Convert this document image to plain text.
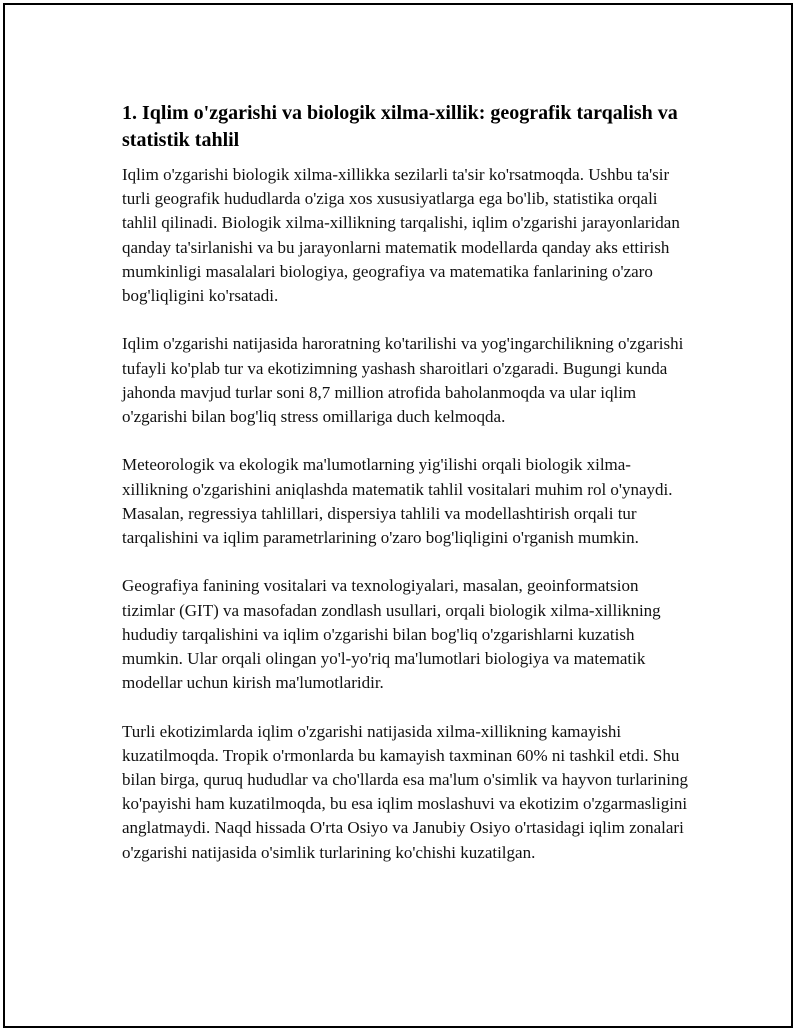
1. Iqlim o'zgarishi va biologik xilma-xillik: geografik tarqalish va statistik tahlil

Iqlim o'zgarishi biologik xilma-xillikka sezilarli ta'sir ko'rsatmoqda. Ushbu ta'sir turli geografik hududlarda o'ziga xos xususiyatlarga ega bo'lib, statistika orqali tahlil qilinadi. Biologik xilma-xillikning tarqalishi, iqlim o'zgarishi jarayonlaridan qanday ta'sirlanishi va bu jarayonlarni matematik modellarda qanday aks ettirish mumkinligi masalalari biologiya, geografiya va matematika fanlarining o'zaro bog'liqligini ko'rsatadi.

Iqlim o'zgarishi natijasida haroratning ko'tarilishi va yog'ingarchilikning o'zgarishi tufayli ko'plab tur va ekotizimning yashash sharoitlari o'zgaradi. Bugungi kunda jahonda mavjud turlar soni 8,7 million atrofida baholanmoqda va ular iqlim o'zgarishi bilan bog'liq stress omillariga duch kelmoqda.

Meteorologik va ekologik ma'lumotlarning yig'ilishi orqali biologik xilma-xillikning o'zgarishini aniqlashda matematik tahlil vositalari muhim rol o'ynaydi. Masalan, regressiya tahlillari, dispersiya tahlili va modellashtirish orqali tur tarqalishini va iqlim parametrlarining o'zaro bog'liqligini o'rganish mumkin.

Geografiya fanining vositalari va texnologiyalari, masalan, geoinformatsion tizimlar (GIT) va masofadan zondlash usullari, orqali biologik xilma-xillikning hududiy tarqalishini va iqlim o'zgarishi bilan bog'liq o'zgarishlarni kuzatish mumkin. Ular orqali olingan yo'l-yo'riq ma'lumotlari biologiya va matematik modellar uchun kirish ma'lumotlaridir.

Turli ekotizimlarda iqlim o'zgarishi natijasida xilma-xillikning kamayishi kuzatilmoqda. Tropik o'rmonlarda bu kamayish taxminan 60% ni tashkil etdi. Shu bilan birga, quruq hududlar va cho'llarda esa ma'lum o'simlik va hayvon turlarining ko'payishi ham kuzatilmoqda, bu esa iqlim moslashuvi va ekotizim o'zgarmasligini anglatmaydi. Naqd hissada O'rta Osiyo va Janubiy Osiyo o'rtasidagi iqlim zonalari o'zgarishi natijasida o'simlik turlarining ko'chishi kuzatilgan.
